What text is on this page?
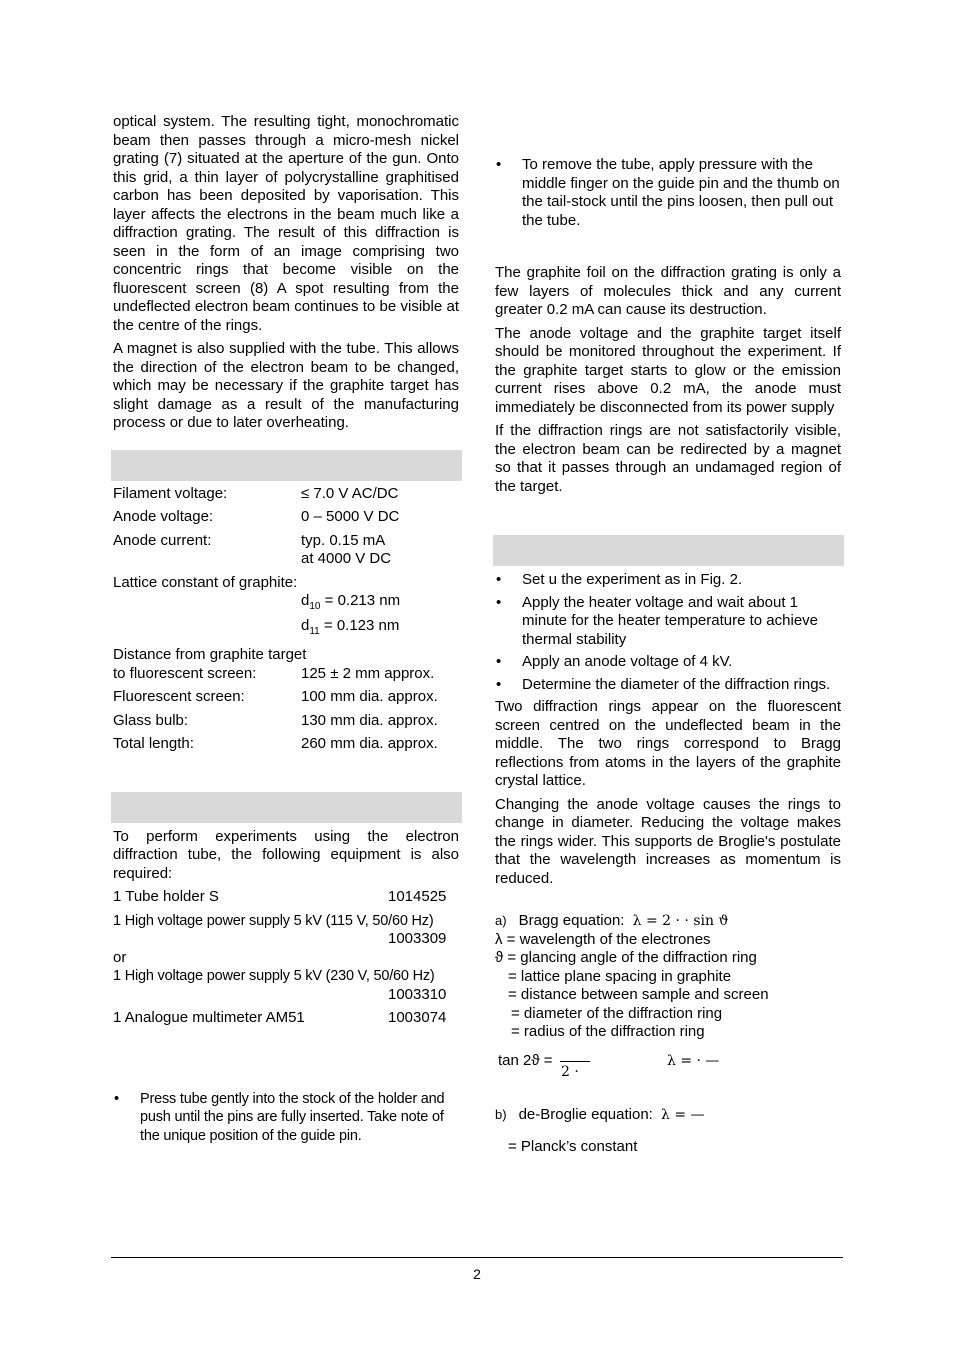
optical system. The resulting tight, monochromatic beam then passes through a micro-mesh nickel grating (7) situated at the aperture of the gun. Onto this grid, a thin layer of polycrystalline graphitised carbon has been deposited by vaporisation. This layer affects the electrons in the beam much like a diffraction grating. The result of this diffraction is seen in the form of an image comprising two concentric rings that become visible on the fluorescent screen (8) A spot resulting from the undeflected electron beam continues to be visible at the centre of the rings.

A magnet is also supplied with the tube. This allows the direction of the electron beam to be changed, which may be necessary if the graphite target has slight damage as a result of the manufacturing process or due to later overheating.

Filament voltage:	≤ 7.0 V AC/DC
Anode voltage:	0 – 5000 V DC
Anode current:	typ. 0.15 mA
at 4000 V DC
Lattice constant of graphite:
$d_{10} = 0.213$ nm
$d_{11} = 0.123$ nm
Distance from graphite target
to fluorescent screen:	125 ± 2 mm approx.
Fluorescent screen:	100 mm dia. approx.
Glass bulb:	130 mm dia. approx.
Total length:	260 mm dia. approx.

To perform experiments using the electron diffraction tube, the following equipment is also required:

1 Tube holder S	1014525
1 High voltage power supply 5 kV (115 V, 50/60 Hz)
1003309
or
1 High voltage power supply 5 kV (230 V, 50/60 Hz)
1003310
1 Analogue multimeter AM51	1003074
• Press tube gently into the stock of the holder and push until the pins are fully inserted. Take note of the unique position of the guide pin.
• To remove the tube, apply pressure with the middle finger on the guide pin and the thumb on the tail-stock until the pins loosen, then pull out the tube.

The graphite foil on the diffraction grating is only a few layers of molecules thick and any current greater 0.2 mA can cause its destruction.

The anode voltage and the graphite target itself should be monitored throughout the experiment. If the graphite target starts to glow or the emission current rises above 0.2 mA, the anode must immediately be disconnected from its power supply

If the diffraction rings are not satisfactorily visible, the electron beam can be redirected by a magnet so that it passes through an undamaged region of the target.

• Set u the experiment as in Fig. 2.
• Apply the heater voltage and wait about 1 minute for the heater temperature to achieve thermal stability
• Apply an anode voltage of 4 kV.
• Determine the diameter of the diffraction rings.

Two diffraction rings appear on the fluorescent screen centred on the undeflected beam in the middle. The two rings correspond to Bragg reflections from atoms in the layers of the graphite crystal lattice.

Changing the anode voltage causes the rings to change in diameter. Reducing the voltage makes the rings wider. This supports de Broglie's postulate that the wavelength increases as momentum is reduced.

a) Bragg equation: λ = 2 · · sin ϑ
λ = wavelength of the electrones
ϑ = glancing angle of the diffraction ring
= lattice plane spacing in graphite
= distance between sample and screen
= diameter of the diffraction ring
= radius of the diffraction ring
tan 2ϑ =
2 ·
λ = · —
b) de-Broglie equation: λ = —
= Planck’s constant
2
